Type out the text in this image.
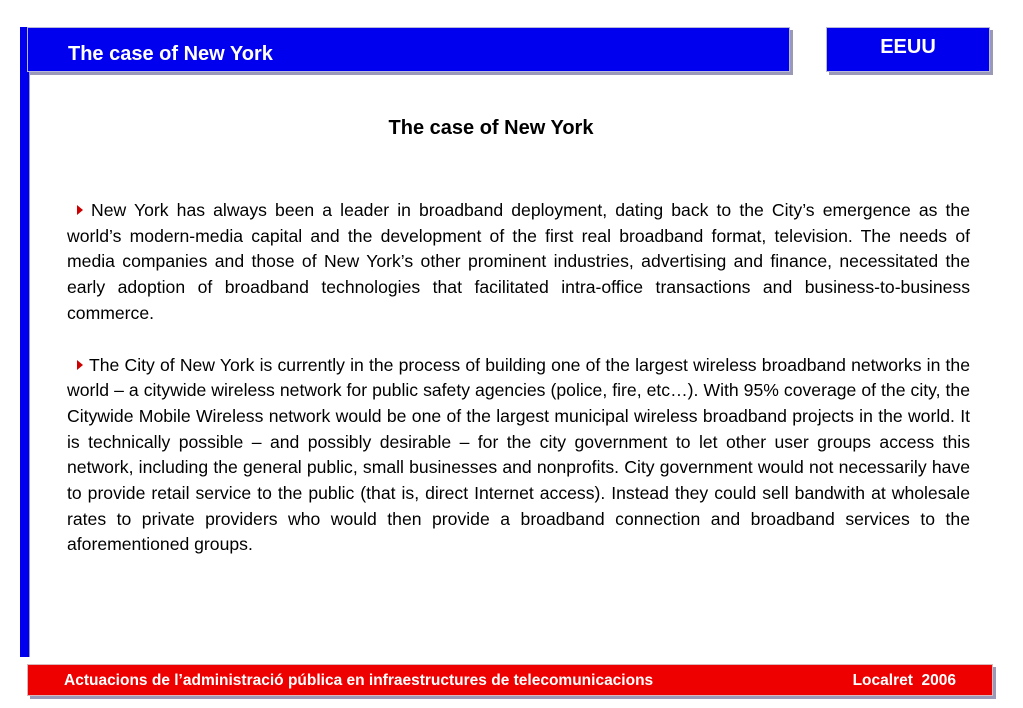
The case of New York	EEUU
The case of New York

New York has always been a leader in broadband deployment, dating back to the City’s emergence as the world’s modern-media capital and the development of the first real broadband format, television. The needs of media companies and those of New York’s other prominent industries, advertising and finance, necessitated the early adoption of broadband technologies that facilitated intra-office transactions and business-to-business commerce.

The City of New York is currently in the process of building one of the largest wireless broadband networks in the world – a citywide wireless network for public safety agencies (police, fire, etc…). With 95% coverage of the city, the Citywide Mobile Wireless network would be one of the largest municipal wireless broadband projects in the world. It is technically possible – and possibly desirable – for the city government to let other user groups access this network, including the general public, small businesses and nonprofits. City government would not necessarily have to provide retail service to the public (that is, direct Internet access). Instead they could sell bandwith at wholesale rates to private providers who would then provide a broadband connection and broadband services to the aforementioned groups.

Actuacions de l’administració pública en infraestructures de telecomunicacions	Localret  2006
